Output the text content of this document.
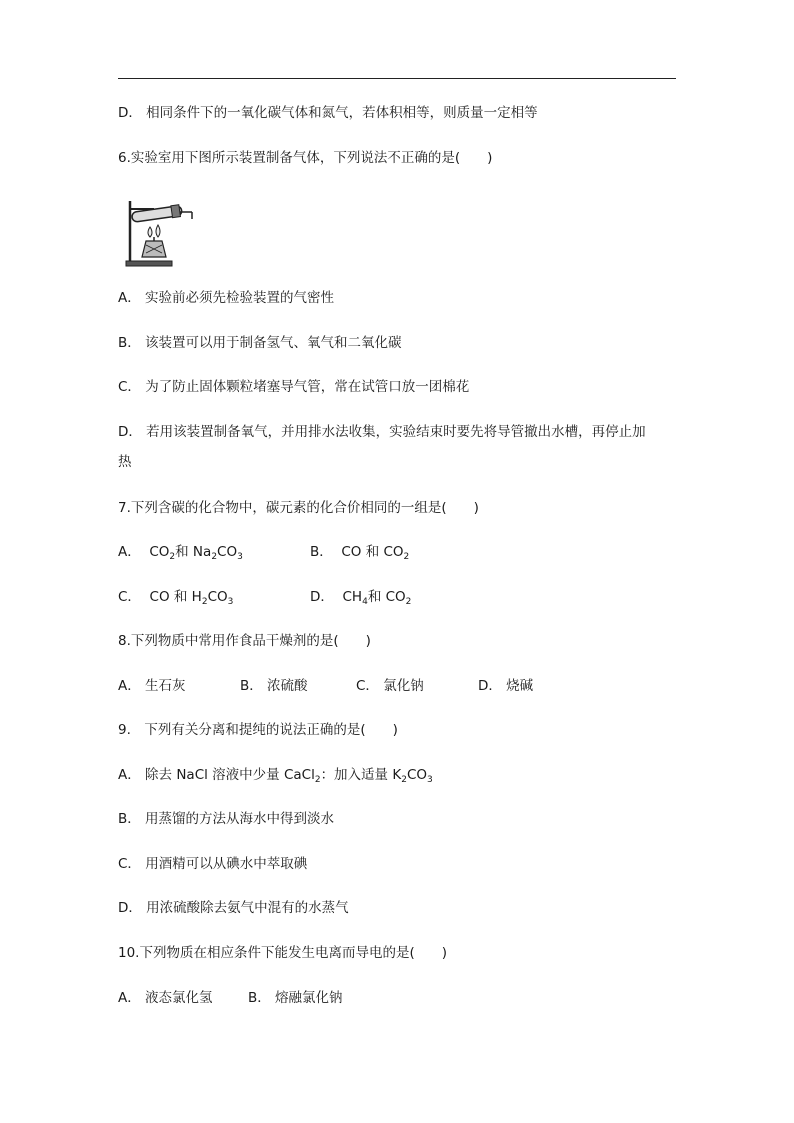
D． 相同条件下的一氧化碳气体和氮气，若体积相等，则质量一定相等
6.实验室用下图所示装置制备气体，下列说法不正确的是(　　)
A． 实验前必须先检验装置的气密性
B． 该装置可以用于制备氢气、氧气和二氧化碳
C． 为了防止固体颗粒堵塞导气管，常在试管口放一团棉花
D． 若用该装置制备氧气，并用排水法收集，实验结束时要先将导管撤出水槽，再停止加
热
7.下列含碳的化合物中，碳元素的化合价相同的一组是(　　)
A． $CO_2$和 $Na_2CO_3$	B． CO 和 $CO_2$
C． CO 和 $H_2CO_3$	D． $CH_4$和 $CO_2$
8.下列物质中常用作食品干燥剂的是(　　)
A． 生石灰	B． 浓硫酸	C． 氯化钠	D． 烧碱
9.　下列有关分离和提纯的说法正确的是(　　)
A． 除去 NaCl 溶液中少量 CaCl$_2$：加入适量 $K_2CO_3$
B． 用蒸馏的方法从海水中得到淡水
C． 用酒精可以从碘水中萃取碘
D． 用浓硫酸除去氨气中混有的水蒸气
10.下列物质在相应条件下能发生电离而导电的是(　　)
A． 液态氯化氢	B． 熔融氯化钠
